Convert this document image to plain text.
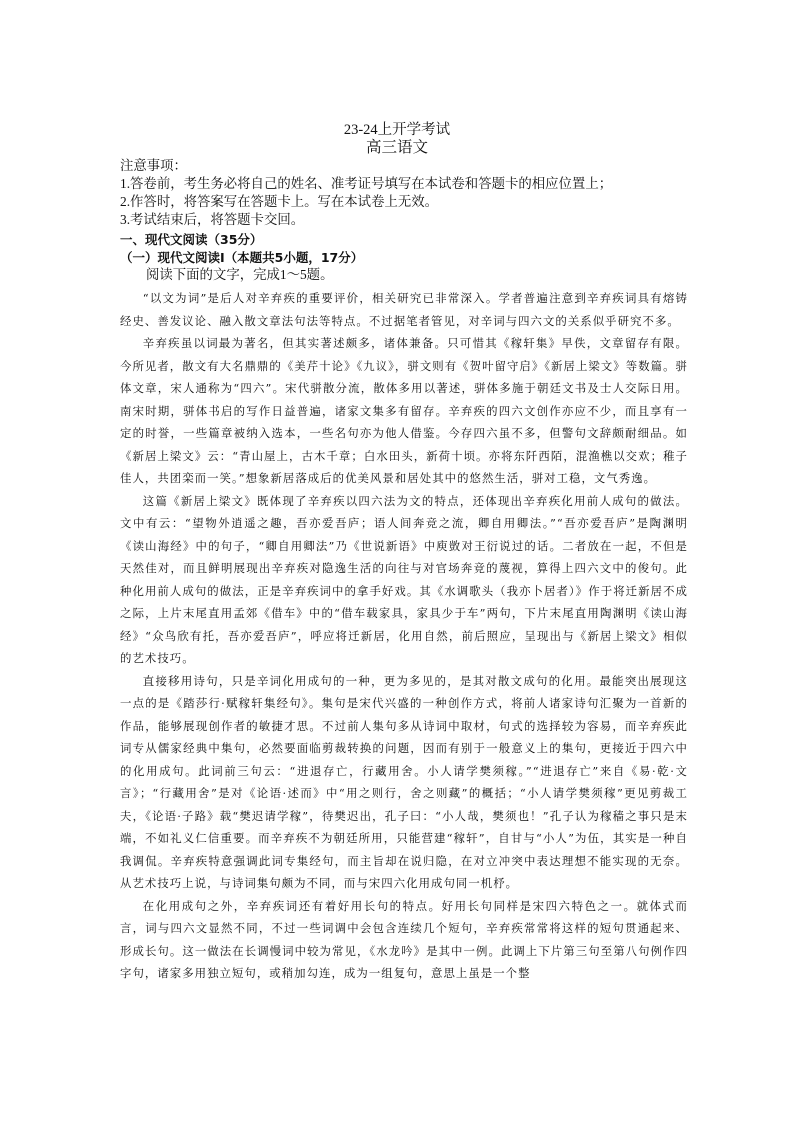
23-24上开学考试
高三语文

注意事项：

1.答卷前，考生务必将自己的姓名、准考证号填写在本试卷和答题卡的相应位置上；

2.作答时，将答案写在答题卡上。写在本试卷上无效。

3.考试结束后，将答题卡交回。

一、现代文阅读（35分）
（一）现代文阅读Ⅰ（本题共5小题，17分）
阅读下面的文字，完成1～5题。

“以文为词”是后人对辛弃疾的重要评价，相关研究已非常深入。学者普遍注意到辛弃疾词具有熔铸经史、善发议论、融入散文章法句法等特点。不过据笔者管见，对辛词与四六文的关系似乎研究不多。

辛弃疾虽以词最为著名，但其实著述颇多，诸体兼备。只可惜其《稼轩集》早佚，文章留存有限。今所见者，散文有大名鼎鼎的《美芹十论》《九议》，骈文则有《贺叶留守启》《新居上梁文》等数篇。骈体文章，宋人通称为“四六”。宋代骈散分流，散体多用以著述，骈体多施于朝廷文书及士人交际日用。南宋时期，骈体书启的写作日益普遍，诸家文集多有留存。辛弃疾的四六文创作亦应不少，而且享有一定的时誉，一些篇章被纳入选本，一些名句亦为他人借鉴。今存四六虽不多，但警句文辞颇耐细品。如《新居上梁文》云：“青山屋上，古木千章；白水田头，新荷十顷。亦将东阡西陌，混渔樵以交欢；稚子佳人，共团栾而一笑。”想象新居落成后的优美风景和居处其中的悠然生活，骈对工稳，文气秀逸。

这篇《新居上梁文》既体现了辛弃疾以四六法为文的特点，还体现出辛弃疾化用前人成句的做法。文中有云：“望物外逍遥之趣，吾亦爱吾庐；语人间奔竞之流，卿自用卿法。”“吾亦爱吾庐”是陶渊明《读山海经》中的句子，“卿自用卿法”乃《世说新语》中庾敳对王衍说过的话。二者放在一起，不但是天然佳对，而且鲜明展现出辛弃疾对隐逸生活的向往与对官场奔竞的蔑视，算得上四六文中的俊句。此种化用前人成句的做法，正是辛弃疾词中的拿手好戏。其《水调歌头（我亦卜居者）》作于将迁新居不成之际，上片末尾直用孟郊《借车》中的“借车载家具，家具少于车”两句，下片末尾直用陶渊明《读山海经》“众鸟欣有托，吾亦爱吾庐”，呼应将迁新居，化用自然，前后照应，呈现出与《新居上梁文》相似的艺术技巧。

直接移用诗句，只是辛词化用成句的一种，更为多见的，是其对散文成句的化用。最能突出展现这一点的是《踏莎行·赋稼轩集经句》。集句是宋代兴盛的一种创作方式，将前人诸家诗句汇聚为一首新的作品，能够展现创作者的敏捷才思。不过前人集句多从诗词中取材，句式的选择较为容易，而辛弃疾此词专从儒家经典中集句，必然要面临剪裁转换的问题，因而有别于一般意义上的集句，更接近于四六中的化用成句。此词前三句云：“进退存亡，行藏用舍。小人请学樊须稼。”“进退存亡”来自《易·乾·文言》；“行藏用舍”是对《论语·述而》中“用之则行，舍之则藏”的概括；“小人请学樊须稼”更见剪裁工夫，《论语·子路》载“樊迟请学稼”，待樊迟出，孔子曰：“小人哉，樊须也！”孔子认为稼穑之事只是末端，不如礼义仁信重要。而辛弃疾不为朝廷所用，只能营建“稼轩”，自甘与“小人”为伍，其实是一种自我调侃。辛弃疾特意强调此词专集经句，而主旨却在说归隐，在对立冲突中表达理想不能实现的无奈。从艺术技巧上说，与诗词集句颇为不同，而与宋四六化用成句同一机杼。

在化用成句之外，辛弃疾词还有着好用长句的特点。好用长句同样是宋四六特色之一。就体式而言，词与四六文显然不同，不过一些词调中会包含连续几个短句，辛弃疾常常将这样的短句贯通起来、形成长句。这一做法在长调慢词中较为常见，《水龙吟》是其中一例。此调上下片第三句至第八句例作四字句，诸家多用独立短句，或稍加勾连，成为一组复句，意思上虽是一个整
